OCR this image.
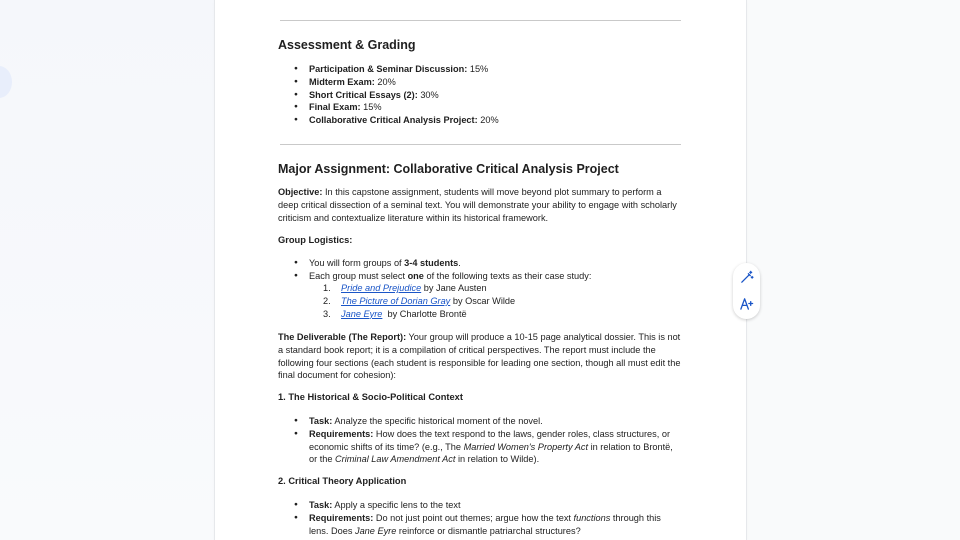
Assessment & Grading
● Participation & Seminar Discussion: 15%
● Midterm Exam: 20%
● Short Critical Essays (2): 30%
● Final Exam: 15%
● Collaborative Critical Analysis Project: 20%
Major Assignment: Collaborative Critical Analysis Project
Objective: In this capstone assignment, students will move beyond plot summary to perform a deep critical dissection of a seminal text. You will demonstrate your ability to engage with scholarly criticism and contextualize literature within its historical framework.
Group Logistics:
● You will form groups of 3-4 students.
● Each group must select one of the following texts as their case study:
1. Pride and Prejudice by Jane Austen
2. The Picture of Dorian Gray by Oscar Wilde
3. Jane Eyre  by Charlotte Brontë
The Deliverable (The Report): Your group will produce a 10-15 page analytical dossier. This is not a standard book report; it is a compilation of critical perspectives. The report must include the following four sections (each student is responsible for leading one section, though all must edit the final document for cohesion):
1. The Historical & Socio-Political Context
● Task: Analyze the specific historical moment of the novel.
● Requirements: How does the text respond to the laws, gender roles, class structures, or economic shifts of its time? (e.g., The Married Women's Property Act in relation to Brontë, or the Criminal Law Amendment Act in relation to Wilde).
2. Critical Theory Application
● Task: Apply a specific lens to the text
● Requirements: Do not just point out themes; argue how the text functions through this lens. Does Jane Eyre reinforce or dismantle patriarchal structures?
